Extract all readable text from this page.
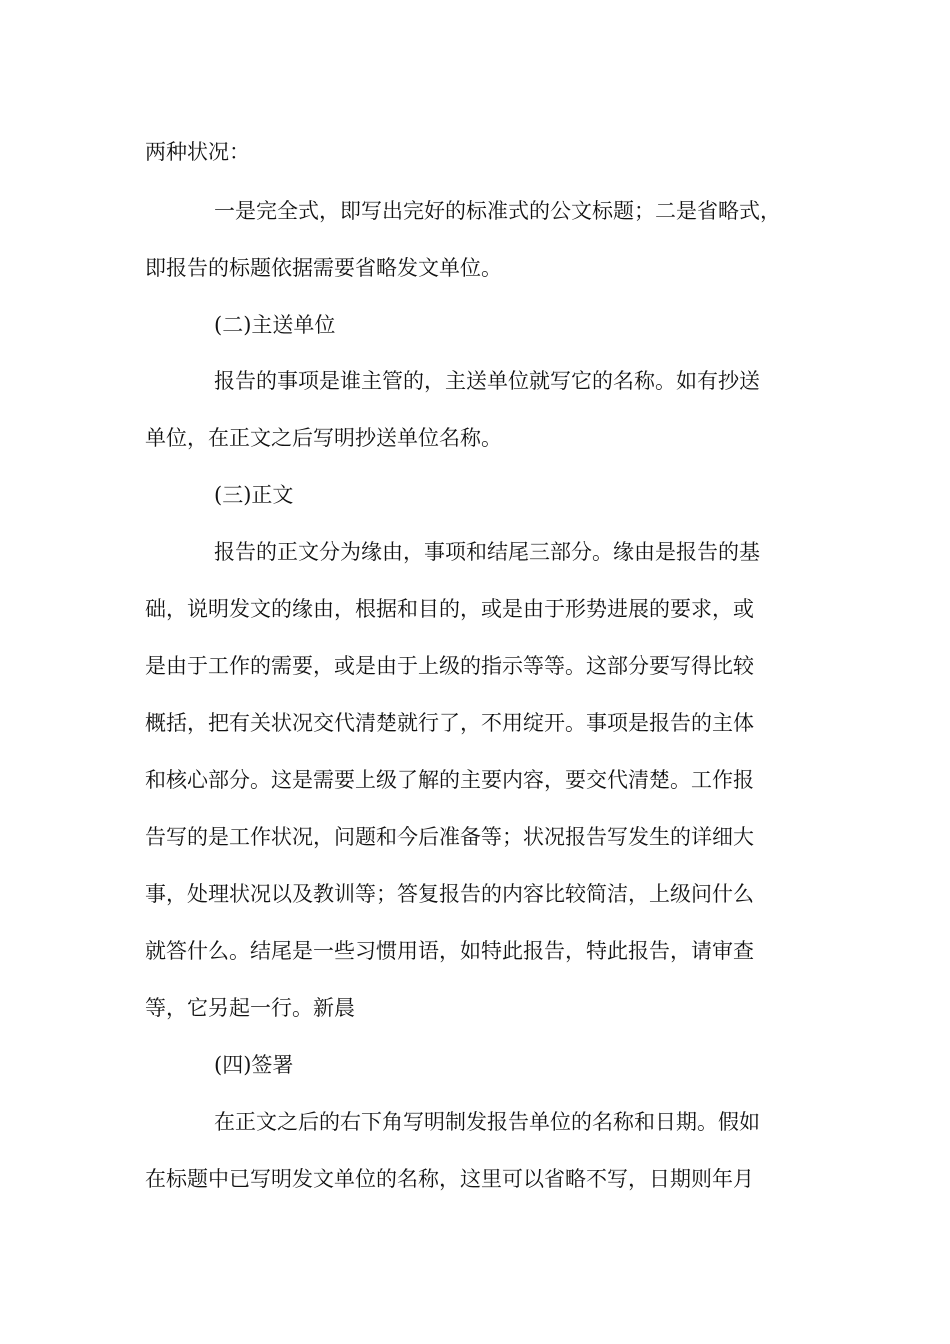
两种状况：
一是完全式，即写出完好的标准式的公文标题；二是省略式，
即报告的标题依据需要省略发文单位。
(二)主送单位
报告的事项是谁主管的，主送单位就写它的名称。如有抄送
单位，在正文之后写明抄送单位名称。
(三)正文
报告的正文分为缘由，事项和结尾三部分。缘由是报告的基
础，说明发文的缘由，根据和目的，或是由于形势进展的要求，或
是由于工作的需要，或是由于上级的指示等等。这部分要写得比较
概括，把有关状况交代清楚就行了，不用绽开。事项是报告的主体
和核心部分。这是需要上级了解的主要内容，要交代清楚。工作报
告写的是工作状况，问题和今后准备等；状况报告写发生的详细大
事，处理状况以及教训等；答复报告的内容比较简洁，上级问什么
就答什么。结尾是一些习惯用语，如特此报告，特此报告，请审查
等，它另起一行。新晨
(四)签署
在正文之后的右下角写明制发报告单位的名称和日期。假如
在标题中已写明发文单位的名称，这里可以省略不写，日期则年月
